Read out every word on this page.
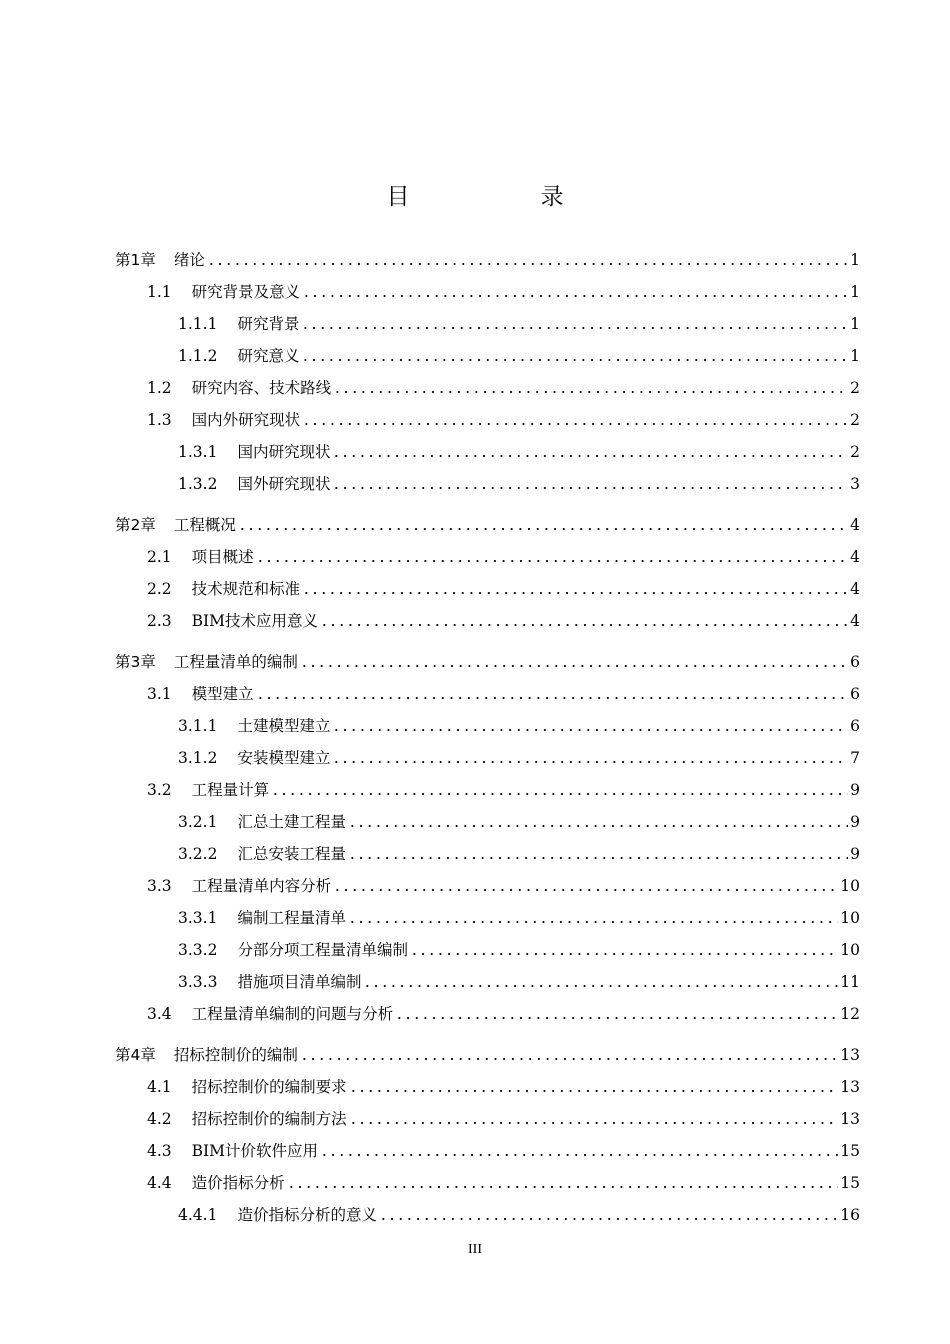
目　录
第1章 绪论	1
1.1 研究背景及意义	1
1.1.1 研究背景	1
1.1.2 研究意义	1
1.2 研究内容、技术路线	2
1.3 国内外研究现状	2
1.3.1 国内研究现状	2
1.3.2 国外研究现状	3
第2章 工程概况	4
2.1 项目概述	4
2.2 技术规范和标准	4
2.3 BIM技术应用意义	4
第3章 工程量清单的编制	6
3.1 模型建立	6
3.1.1 土建模型建立	6
3.1.2 安装模型建立	7
3.2 工程量计算	9
3.2.1 汇总土建工程量	9
3.2.2 汇总安装工程量	9
3.3 工程量清单内容分析	10
3.3.1 编制工程量清单	10
3.3.2 分部分项工程量清单编制	10
3.3.3 措施项目清单编制	11
3.4 工程量清单编制的问题与分析	12
第4章 招标控制价的编制	13
4.1 招标控制价的编制要求	13
4.2 招标控制价的编制方法	13
4.3 BIM计价软件应用	15
4.4 造价指标分析	15
4.4.1 造价指标分析的意义	16
III
